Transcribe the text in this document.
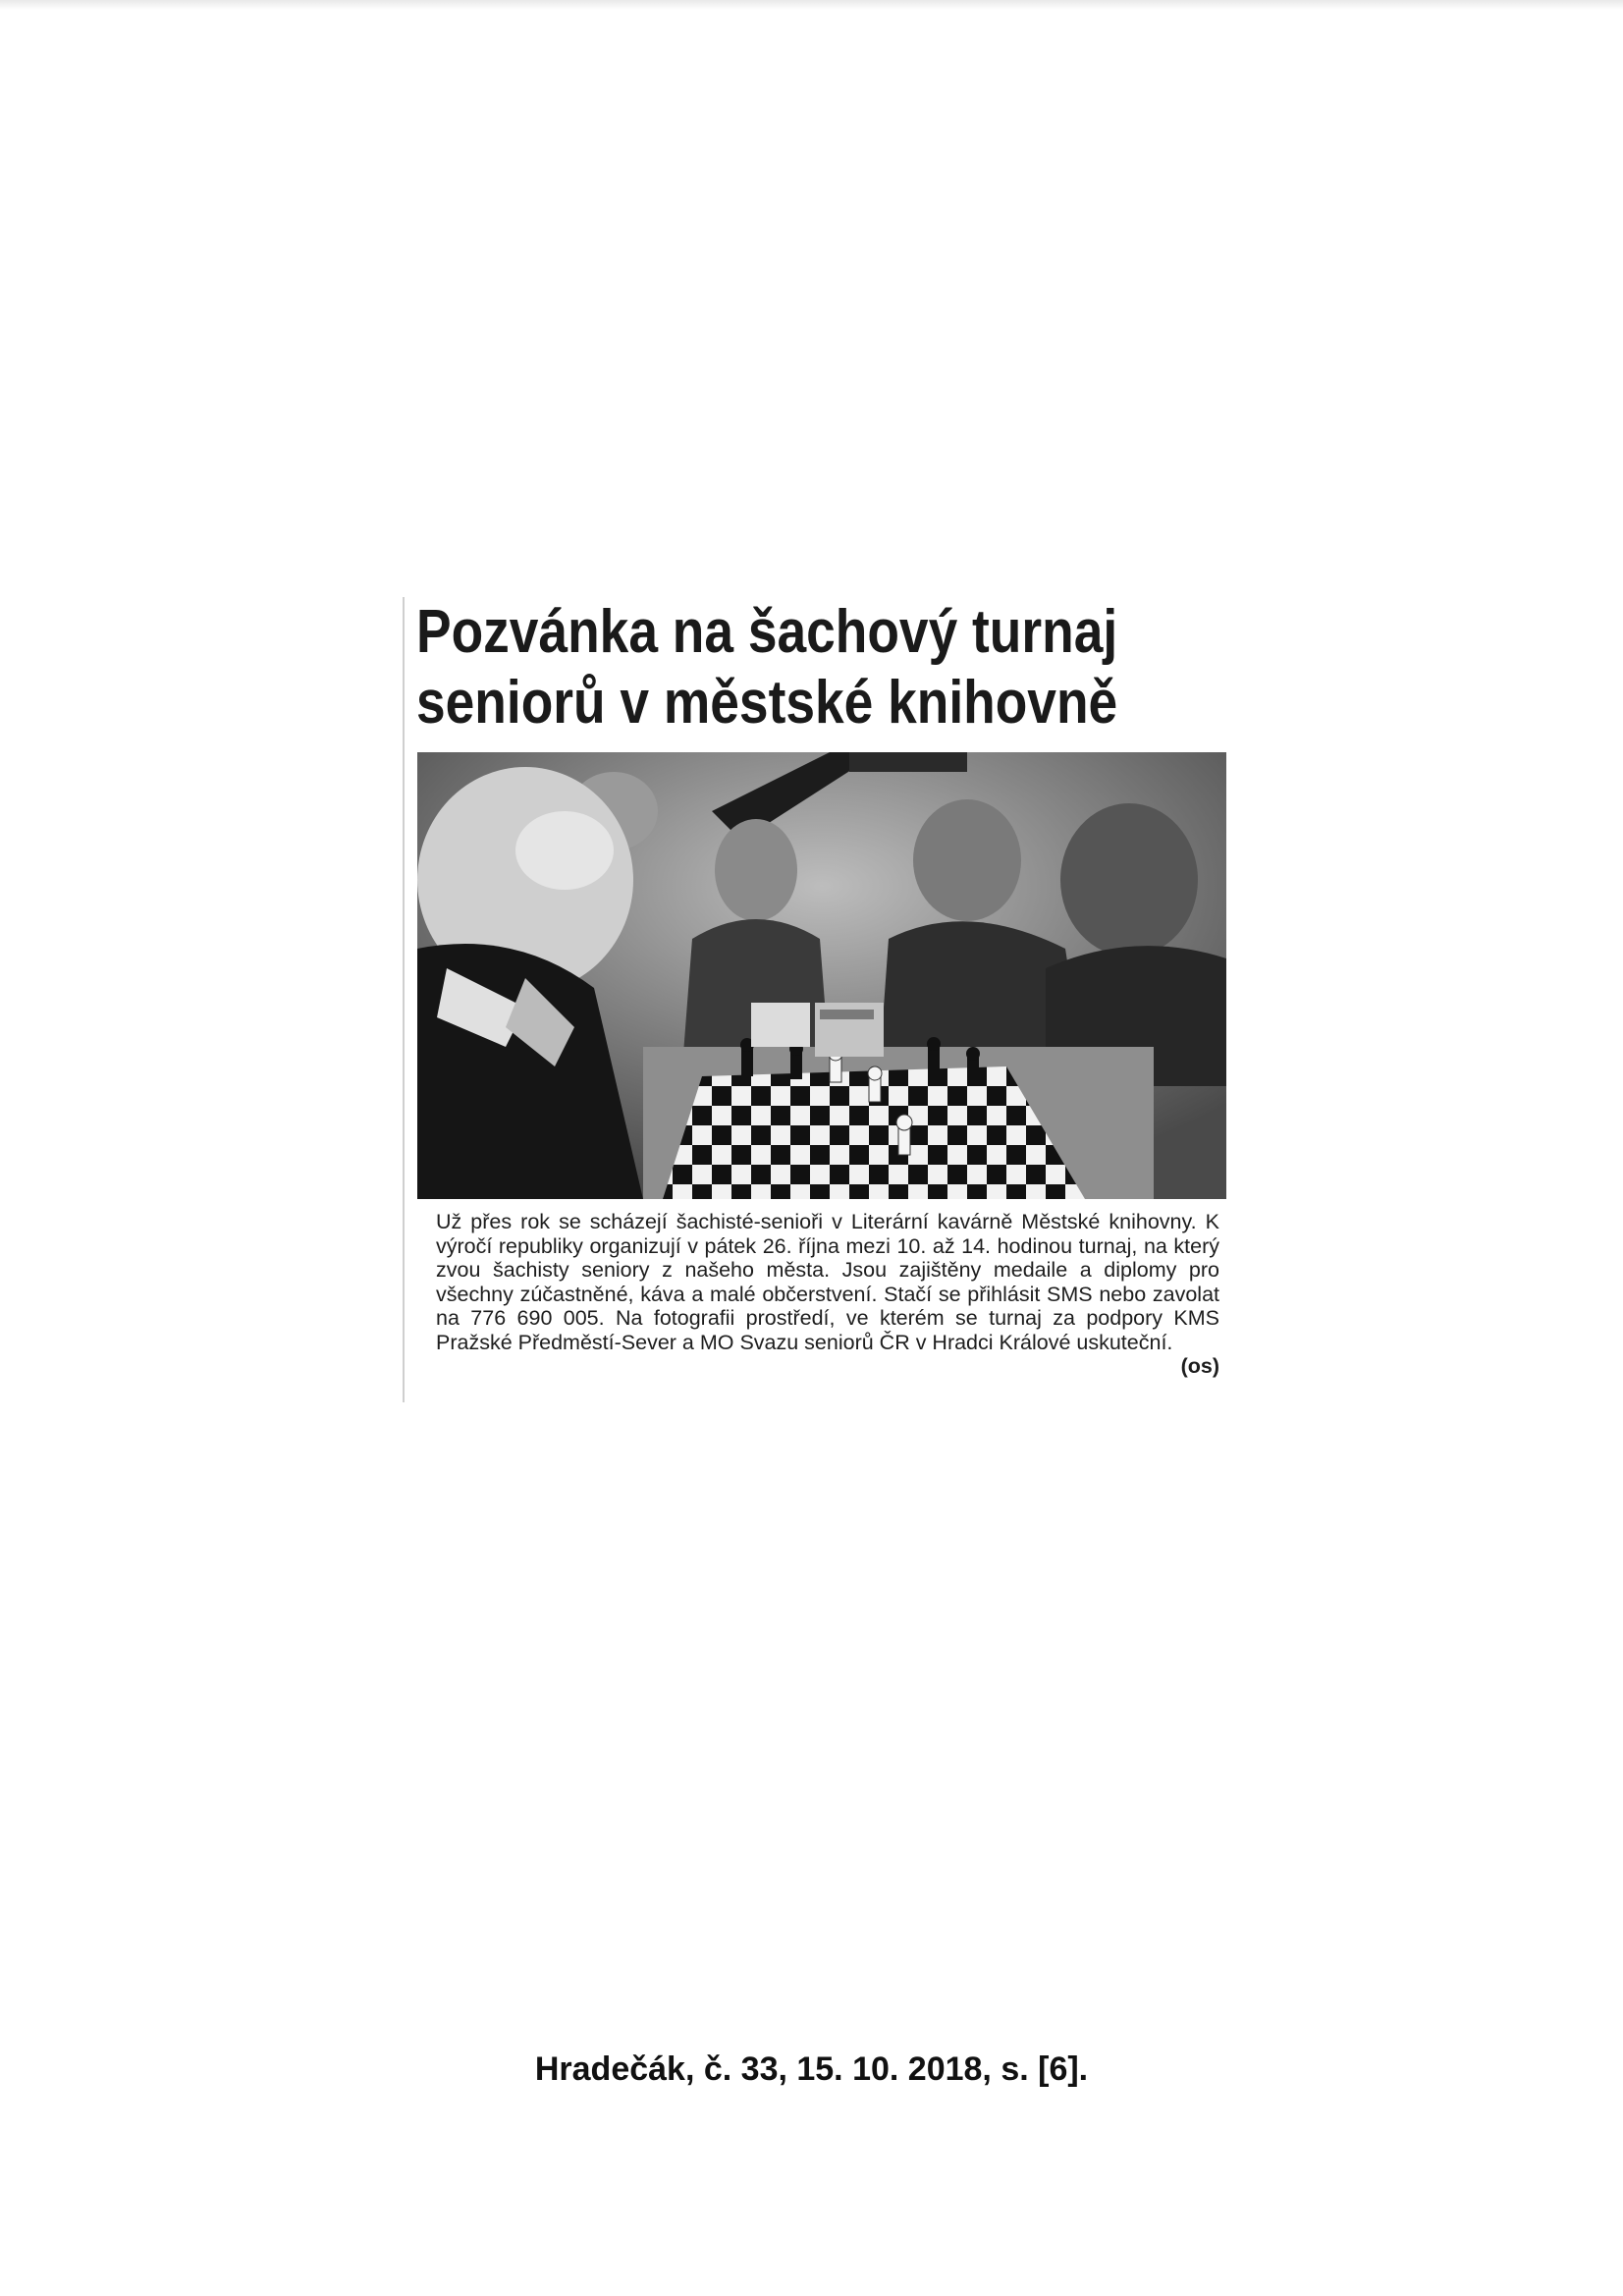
Pozvánka na šachový turnaj
seniorů v městské knihovně
Už přes rok se scházejí šachisté-senioři v Literární kavárně Městské knihovny. K výročí republiky organizují v pátek 26. října mezi 10. až 14. hodinou turnaj, na který zvou šachisty seniory z našeho města. Jsou zajištěny medaile a diplomy pro všechny zúčastněné, káva a malé občerstvení. Stačí se přihlásit SMS nebo zavolat na 776 690 005. Na fotografii prostředí, ve kterém se turnaj za podpory KMS Pražské Předměstí-Sever a MO Svazu seniorů ČR v Hradci Králové uskuteční.
(os)
Hradečák, č. 33, 15. 10. 2018, s. [6].
